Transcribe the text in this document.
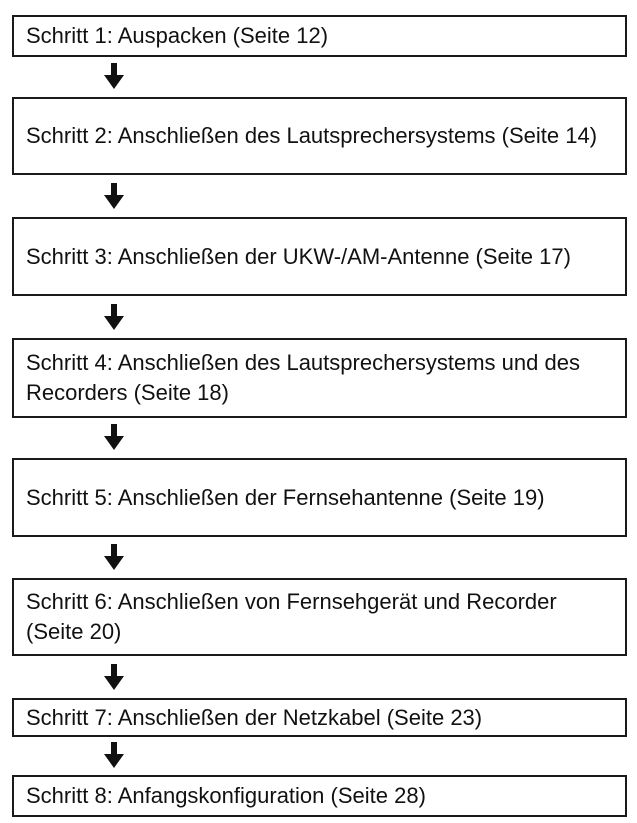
Schritt 1: Auspacken (Seite 12)
Schritt 2: Anschließen des Lautsprechersystems (Seite 14)
Schritt 3: Anschließen der UKW-/AM-Antenne (Seite 17)
Schritt 4: Anschließen des Lautsprechersystems und des Recorders (Seite 18)
Schritt 5: Anschließen der Fernsehantenne (Seite 19)
Schritt 6: Anschließen von Fernsehgerät und Recorder (Seite 20)
Schritt 7: Anschließen der Netzkabel (Seite 23)
Schritt 8: Anfangskonfiguration (Seite 28)
